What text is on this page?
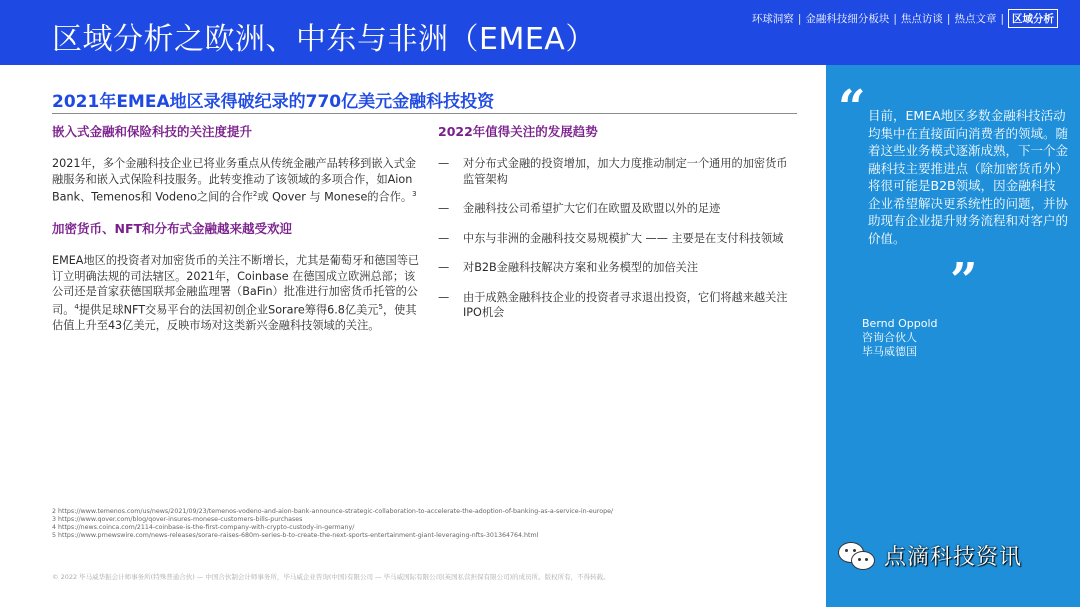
区域分析之欧洲、中东与非洲（EMEA）
环球洞察 | 金融科技细分板块 | 焦点访谈 | 热点文章 | 区域分析
2021年EMEA地区录得破纪录的770亿美元金融科技投资
嵌入式金融和保险科技的关注度提升

2021年，多个金融科技企业已将业务重点从传统金融产品转移到嵌入式金融服务和嵌入式保险科技服务。此转变推动了该领域的多项合作，如Aion Bank、Temenos和 Vodeno之间的合作$^2$或 Qover 与 Monese的合作。$^3$

加密货币、NFT和分布式金融越来越受欢迎

EMEA地区的投资者对加密货币的关注不断增长，尤其是葡萄牙和德国等已订立明确法规的司法辖区。2021年，Coinbase 在德国成立欧洲总部；该公司还是首家获德国联邦金融监理署（BaFin）批准进行加密货币托管的公司。$^4$提供足球NFT交易平台的法国初创企业Sorare筹得6.8亿美元$^5$，使其估值上升至43亿美元，反映市场对这类新兴金融科技领域的关注。

2022年值得关注的发展趋势
— 对分布式金融的投资增加，加大力度推动制定一个通用的加密货币监管架构
— 金融科技公司希望扩大它们在欧盟及欧盟以外的足迹
— 中东与非洲的金融科技交易规模扩大 —— 主要是在支付科技领域
— 对B2B金融科技解决方案和业务模型的加倍关注
— 由于成熟金融科技企业的投资者寻求退出投资，它们将越来越关注IPO机会
2 https://www.temenos.com/us/news/2021/09/23/temenos-vodeno-and-aion-bank-announce-strategic-collaboration-to-accelerate-the-adoption-of-banking-as-a-service-in-europe/
3 https://www.qover.com/blog/qover-insures-monese-customers-bills-purchases
4 https://news.coinca.com/2114-coinbase-is-the-first-company-with-crypto-custody-in-germany/
5 https://www.prnewswire.com/news-releases/sorare-raises-680m-series-b-to-create-the-next-sports-entertainment-giant-leveraging-nfts-301364764.html
© 2022 毕马威华振会计师事务所(特殊普通合伙) — 中国合伙制会计师事务所，毕马威企业咨询(中国)有限公司 — 毕马威国际有限公司(英国私营担保有限公司)的成员所。版权所有，不得转载。
“ 目前，EMEA地区多数金融科技活动均集中在直接面向消费者的领域。随着这些业务模式逐渐成熟，下一个金融科技主要推进点（除加密货币外）将很可能是B2B领域，因金融科技企业希望解决更系统性的问题，并协助现有企业提升财务流程和对客户的价值。
”
Bernd Oppold
咨询合伙人
毕马威德国
点滴科技资讯
